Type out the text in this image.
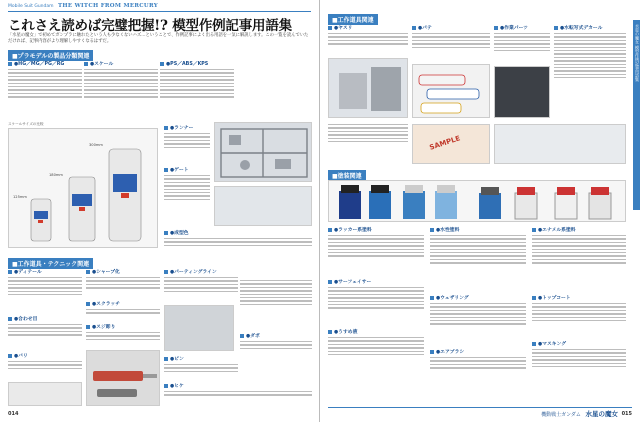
Mobile Suit Gundam THE WITCH FROM MERCURY
これさえ読めば完璧把握!? 模型作例記事用語集
「水星の魔女」で初めてガンプラに触れたという人も少なくないハズ…ということで、作例記事によく出る用語を一気に解説します。この一覧を読んでいただければ、記事内容がより理解しやすくなるはずだ。
■プラモデルの製品分類関連
●HG／MG／PG／RG	●スケール	●PS／ABS／KPS
スケールサイズの比較
300mm
180mm
125mm
●ランナー
●ゲート
●成型色
■工作道具・テクニック関連
●ディテール
●合わせ目
●バリ
●シャープ化
●スクラッチ
●スジ彫り
●パーティングライン
●ダボ
●ピン
●ヒケ
014
■工作道具関連
●ヤスリ	●パテ	●作業パーツ	●水転写式デカール
SAMPLE
■塗装関連
●ラッカー系塗料
●サーフェイサー
●うすめ液
●水性塗料
●ウェザリング
●エアブラシ
●エナメル系塗料
●トップコート
●マスキング
水星の魔女 模型作例記事用語集
機動戦士ガンダム 水星の魔女 015
